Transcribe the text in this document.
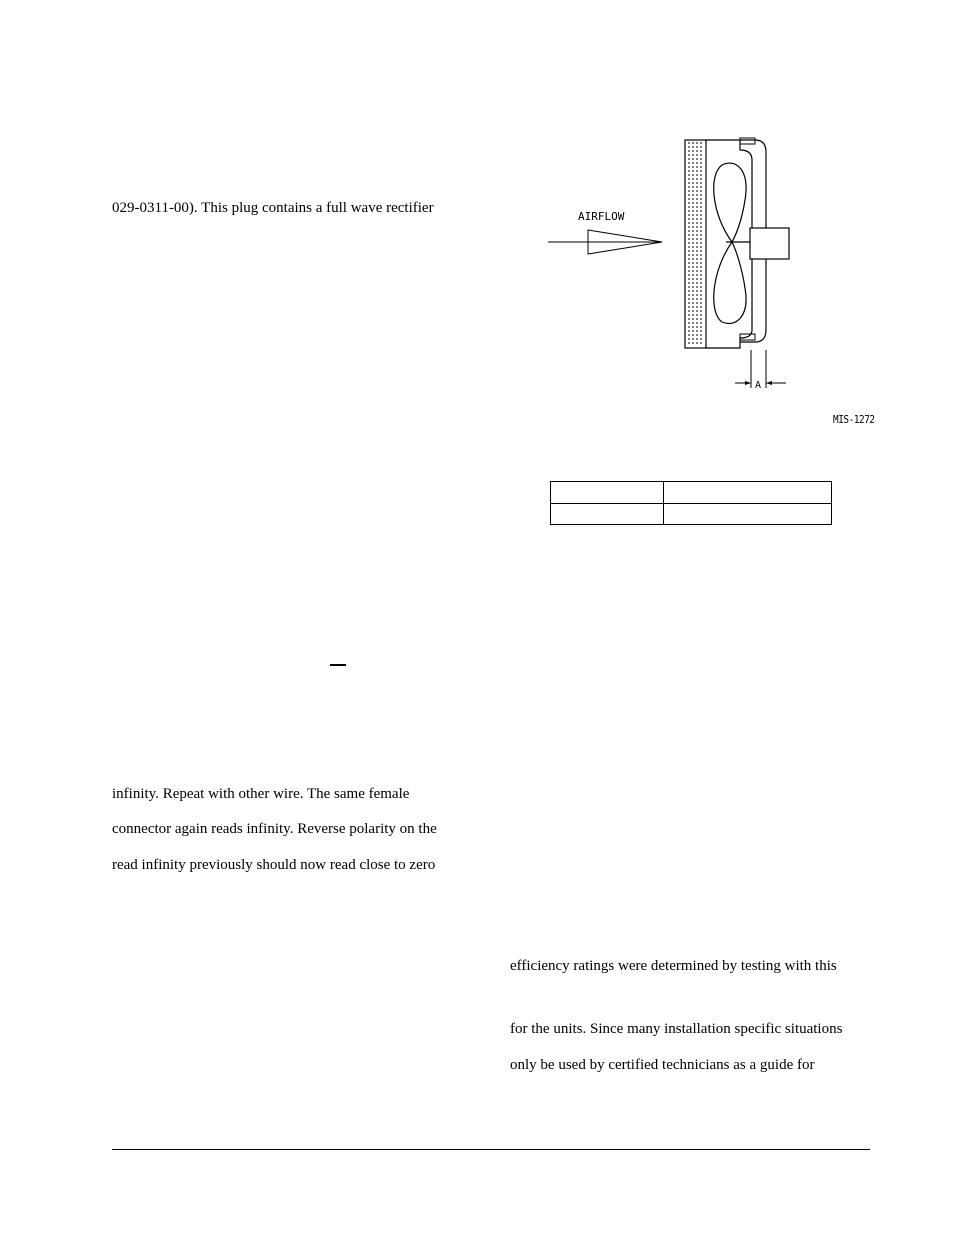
029-0311-00). This plug contains a full wave rectifier
infinity. Repeat with other wire. The same female
connector again reads infinity. Reverse polarity on the
read infinity previously should now read close to zero
efficiency ratings were determined by testing with this
for the units. Since many installation specific situations
only be used by certified technicians as a guide for
AIRFLOW
A
MIS-1272
